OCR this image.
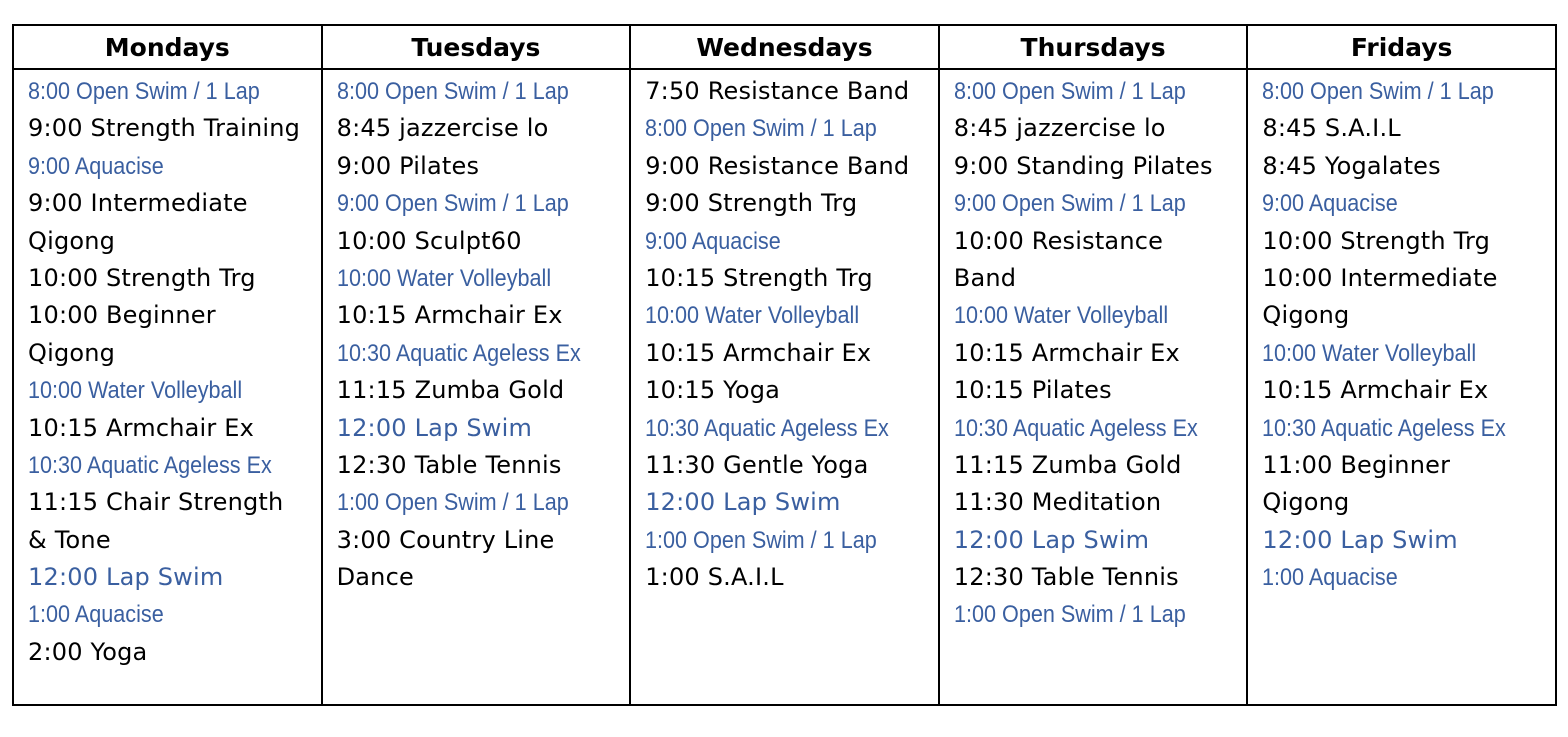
Mondays
8:00 Open Swim / 1 Lap
9:00 Strength Training
9:00 Aquacise
9:00 Intermediate
Qigong
10:00 Strength Trg
10:00 Beginner
Qigong
10:00 Water Volleyball
10:15 Armchair Ex
10:30 Aquatic Ageless Ex
11:15 Chair Strength
& Tone
12:00 Lap Swim
1:00 Aquacise
2:00 Yoga
Tuesdays
8:00 Open Swim / 1 Lap
8:45 jazzercise lo
9:00 Pilates
9:00 Open Swim / 1 Lap
10:00 Sculpt60
10:00 Water Volleyball
10:15 Armchair Ex
10:30 Aquatic Ageless Ex
11:15 Zumba Gold
12:00 Lap Swim
12:30 Table Tennis
1:00 Open Swim / 1 Lap
3:00 Country Line
Dance
Wednesdays
7:50 Resistance Band
8:00 Open Swim / 1 Lap
9:00 Resistance Band
9:00 Strength Trg
9:00 Aquacise
10:15 Strength Trg
10:00 Water Volleyball
10:15 Armchair Ex
10:15 Yoga
10:30 Aquatic Ageless Ex
11:30 Gentle Yoga
12:00 Lap Swim
1:00 Open Swim / 1 Lap
1:00 S.A.I.L
Thursdays
8:00 Open Swim / 1 Lap
8:45 jazzercise lo
9:00 Standing Pilates
9:00 Open Swim / 1 Lap
10:00 Resistance
Band
10:00 Water Volleyball
10:15 Armchair Ex
10:15 Pilates
10:30 Aquatic Ageless Ex
11:15 Zumba Gold
11:30 Meditation
12:00 Lap Swim
12:30 Table Tennis
1:00 Open Swim / 1 Lap
Fridays
8:00 Open Swim / 1 Lap
8:45 S.A.I.L
8:45 Yogalates
9:00 Aquacise
10:00 Strength Trg
10:00 Intermediate
Qigong
10:00 Water Volleyball
10:15 Armchair Ex
10:30 Aquatic Ageless Ex
11:00 Beginner
Qigong
12:00 Lap Swim
1:00 Aquacise
